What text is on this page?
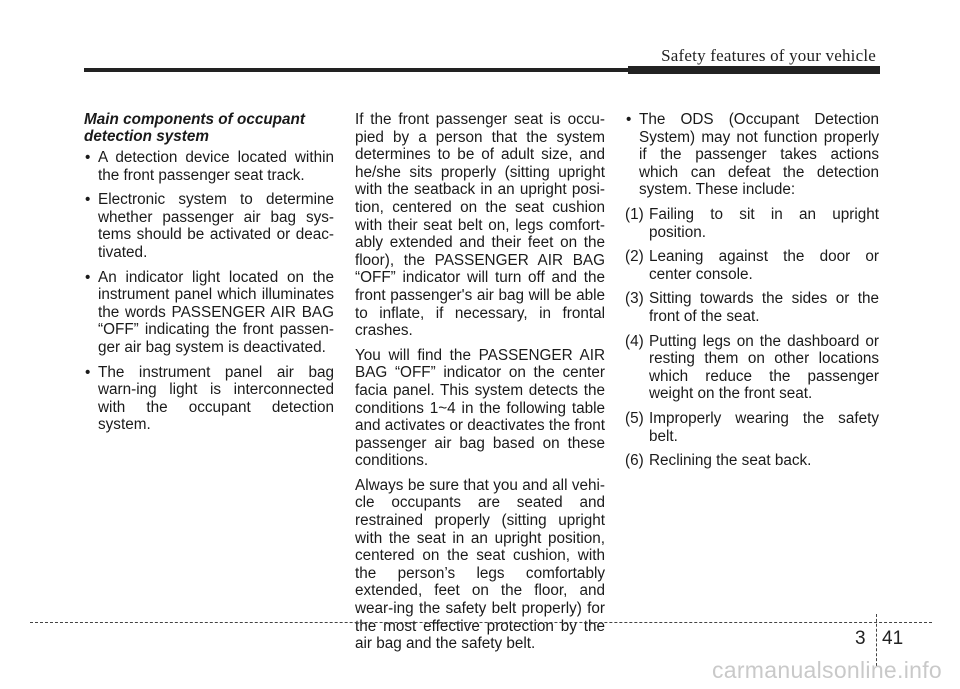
Safety features of your vehicle
Main components of occupant detection system
• A detection device located within the front passenger seat track.
• Electronic system to determine whether passenger air bag sys-tems should be activated or deac-tivated.
• An indicator light located on the instrument panel which illuminates the words PASSENGER AIR BAG “OFF” indicating the front passen-ger air bag system is deactivated.
• The instrument panel air bag warn-ing light is interconnected with the occupant detection system.

If the front passenger seat is occu-pied by a person that the system determines to be of adult size, and he/she sits properly (sitting upright with the seatback in an upright posi-tion, centered on the seat cushion with their seat belt on, legs comfort-ably extended and their feet on the floor), the PASSENGER AIR BAG “OFF” indicator will turn off and the front passenger's air bag will be able to inflate, if necessary, in frontal crashes.

You will find the PASSENGER AIR BAG “OFF” indicator on the center facia panel. This system detects the conditions 1~4 in the following table and activates or deactivates the front passenger air bag based on these conditions.

Always be sure that you and all vehi-cle occupants are seated and restrained properly (sitting upright with the seat in an upright position, centered on the seat cushion, with the person’s legs comfortably extended, feet on the floor, and wear-ing the safety belt properly) for the most effective protection by the air bag and the safety belt.

• The ODS (Occupant Detection System) may not function properly if the passenger takes actions which can defeat the detection system. These include:
(1) Failing to sit in an upright position.
(2) Leaning against the door or center console.
(3) Sitting towards the sides or the front of the seat.
(4) Putting legs on the dashboard or resting them on other locations which reduce the passenger weight on the front seat.
(5) Improperly wearing the safety belt.
(6) Reclining the seat back.
3 41
carmanualsonline.info
